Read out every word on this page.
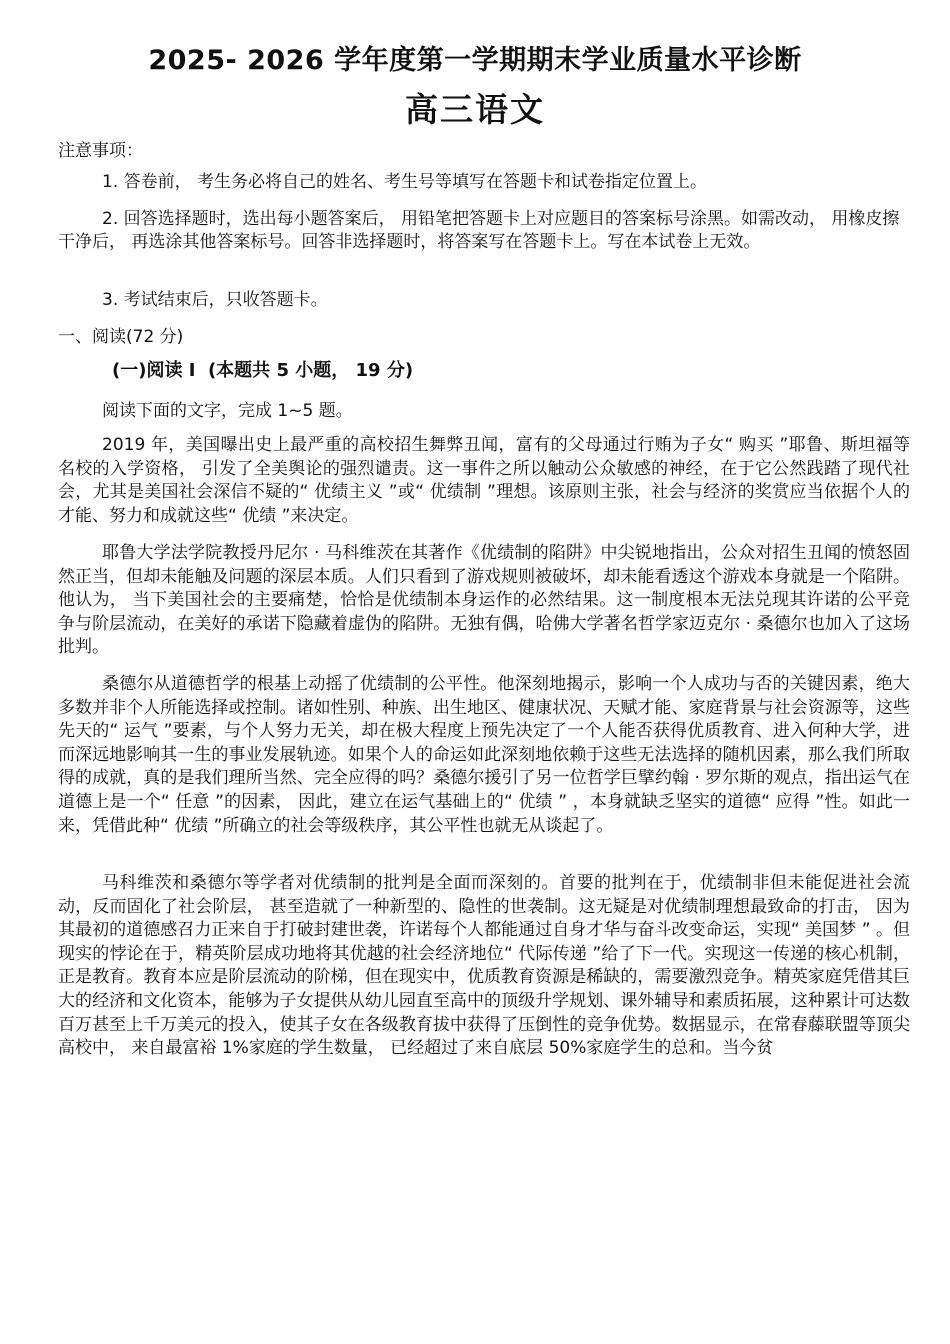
2025- 2026 学年度第一学期期末学业质量水平诊断
高三语文
注意事项：
1. 答卷前， 考生务必将自己的姓名、考生号等填写在答题卡和试卷指定位置上。
2. 回答选择题时，选出每小题答案后， 用铅笔把答题卡上对应题目的答案标号涂黑。如需改动， 用橡皮擦干净后， 再选涂其他答案标号。回答非选择题时，将答案写在答题卡上。写在本试卷上无效。
3. 考试结束后，只收答题卡。
一、阅读(72 分)
(一)阅读 Ⅰ  (本题共 5 小题， 19 分)
阅读下面的文字，完成 1~5 题。
2019 年，美国曝出史上最严重的高校招生舞弊丑闻，富有的父母通过行贿为子女“ 购买 ”耶鲁、斯坦福等名校的入学资格， 引发了全美舆论的强烈谴责。这一事件之所以触动公众敏感的神经，在于它公然践踏了现代社会，尤其是美国社会深信不疑的“ 优绩主义 ”或“ 优绩制 ”理想。该原则主张，社会与经济的奖赏应当依据个人的才能、努力和成就这些“ 优绩 ”来决定。
耶鲁大学法学院教授丹尼尔 · 马科维茨在其著作《优绩制的陷阱》中尖锐地指出，公众对招生丑闻的愤怒固然正当，但却未能触及问题的深层本质。人们只看到了游戏规则被破坏，却未能看透这个游戏本身就是一个陷阱。他认为， 当下美国社会的主要痛楚，恰恰是优绩制本身运作的必然结果。这一制度根本无法兑现其许诺的公平竞争与阶层流动，在美好的承诺下隐藏着虚伪的陷阱。无独有偶，哈佛大学著名哲学家迈克尔 · 桑德尔也加入了这场批判。
桑德尔从道德哲学的根基上动摇了优绩制的公平性。他深刻地揭示，影响一个人成功与否的关键因素，绝大多数并非个人所能选择或控制。诸如性别、种族、出生地区、健康状况、天赋才能、家庭背景与社会资源等，这些先天的“ 运气 ”要素，与个人努力无关，却在极大程度上预先决定了一个人能否获得优质教育、进入何种大学，进而深远地影响其一生的事业发展轨迹。如果个人的命运如此深刻地依赖于这些无法选择的随机因素，那么我们所取得的成就，真的是我们理所当然、完全应得的吗？桑德尔援引了另一位哲学巨擘约翰 · 罗尔斯的观点，指出运气在道德上是一个“ 任意 ”的因素， 因此，建立在运气基础上的“ 优绩 ” ，本身就缺乏坚实的道德“ 应得 ”性。如此一来，凭借此种“ 优绩 ”所确立的社会等级秩序，其公平性也就无从谈起了。
马科维茨和桑德尔等学者对优绩制的批判是全面而深刻的。首要的批判在于，优绩制非但未能促进社会流动，反而固化了社会阶层， 甚至造就了一种新型的、隐性的世袭制。这无疑是对优绩制理想最致命的打击， 因为其最初的道德感召力正来自于打破封建世袭，许诺每个人都能通过自身才华与奋斗改变命运，实现“ 美国梦 ” 。但现实的悖论在于，精英阶层成功地将其优越的社会经济地位“ 代际传递 ”给了下一代。实现这一传递的核心机制，正是教育。教育本应是阶层流动的阶梯，但在现实中，优质教育资源是稀缺的，需要激烈竞争。精英家庭凭借其巨大的经济和文化资本，能够为子女提供从幼儿园直至高中的顶级升学规划、课外辅导和素质拓展，这种累计可达数百万甚至上千万美元的投入，使其子女在各级教育拔中获得了压倒性的竞争优势。数据显示，在常春藤联盟等顶尖高校中， 来自最富裕 1%家庭的学生数量， 已经超过了来自底层 50%家庭学生的总和。当今贫
